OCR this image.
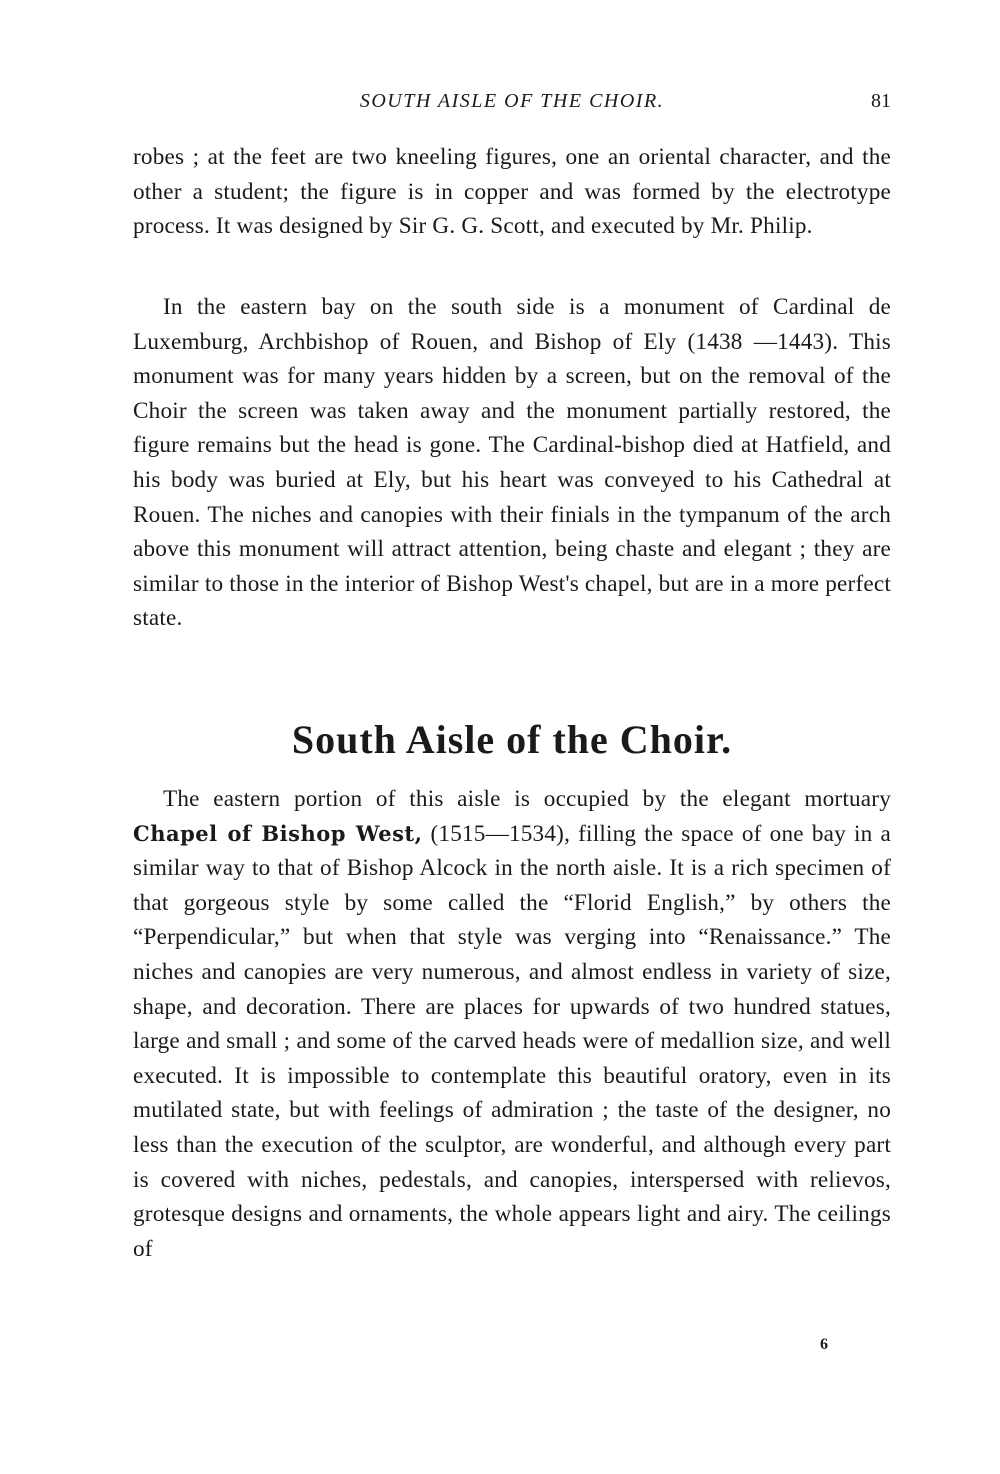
SOUTH AISLE OF THE CHOIR.	81

robes ; at the feet are two kneeling figures, one an oriental character, and the other a student; the figure is in copper and was formed by the electrotype process. It was designed by Sir G. G. Scott, and executed by Mr. Philip.

In the eastern bay on the south side is a monument of Cardinal de Luxemburg, Archbishop of Rouen, and Bishop of Ely (1438 —1443). This monument was for many years hidden by a screen, but on the removal of the Choir the screen was taken away and the monument partially restored, the figure remains but the head is gone. The Cardinal-bishop died at Hatfield, and his body was buried at Ely, but his heart was conveyed to his Cathedral at Rouen. The niches and canopies with their finials in the tympanum of the arch above this monument will attract attention, being chaste and elegant ; they are similar to those in the interior of Bishop West's chapel, but are in a more perfect state.

South Aisle of the Choir.

The eastern portion of this aisle is occupied by the elegant mortuary Chapel of Bishop West, (1515—1534), filling the space of one bay in a similar way to that of Bishop Alcock in the north aisle. It is a rich specimen of that gorgeous style by some called the “Florid English,” by others the “Perpendicular,” but when that style was verging into “Renaissance.” The niches and canopies are very numerous, and almost endless in variety of size, shape, and decoration. There are places for upwards of two hundred statues, large and small ; and some of the carved heads were of medallion size, and well executed. It is impossible to contemplate this beautiful oratory, even in its mutilated state, but with feelings of admiration ; the taste of the designer, no less than the execution of the sculptor, are wonderful, and although every part is covered with niches, pedestals, and canopies, interspersed with relievos, grotesque designs and ornaments, the whole appears light and airy. The ceilings of

6
